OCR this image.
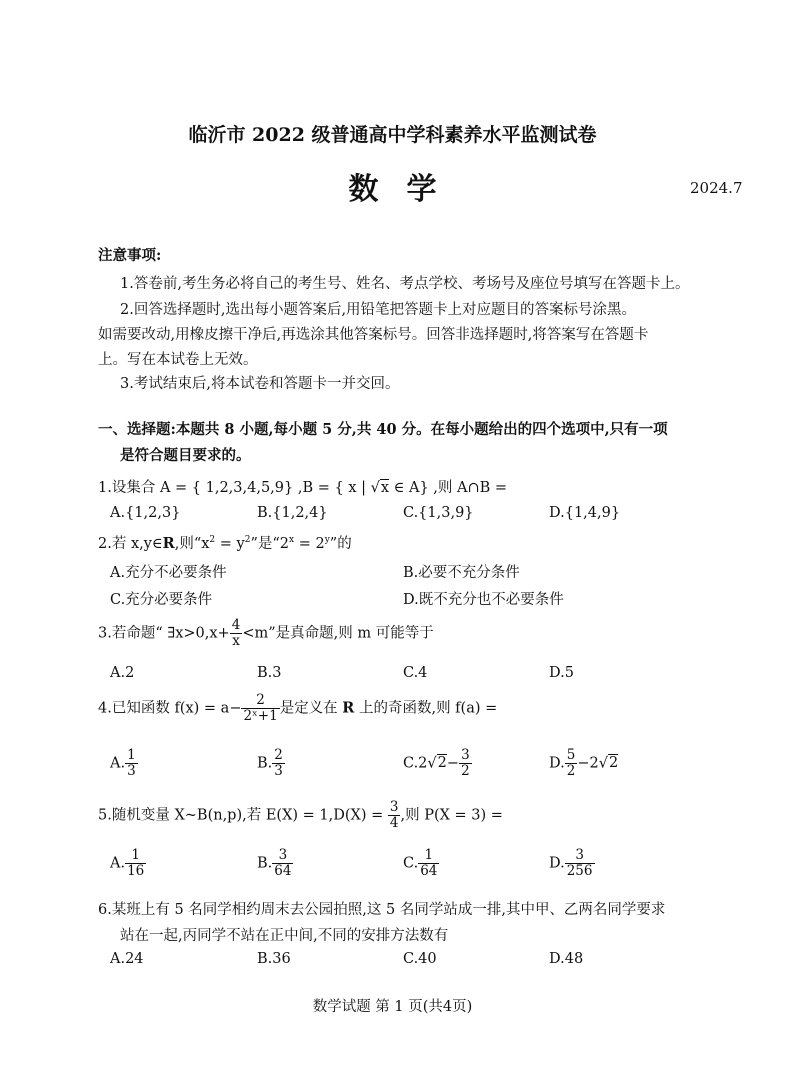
临沂市 2022 级普通高中学科素养水平监测试卷
数学	2024.7
注意事项:
1.答卷前,考生务必将自己的考生号、姓名、考点学校、考场号及座位号填写在答题卡上。
2.回答选择题时,选出每小题答案后,用铅笔把答题卡上对应题目的答案标号涂黑。
如需要改动,用橡皮擦干净后,再选涂其他答案标号。回答非选择题时,将答案写在答题卡
上。写在本试卷上无效。
3.考试结束后,将本试卷和答题卡一并交回。
一、选择题:本题共 8 小题,每小题 5 分,共 40 分。在每小题给出的四个选项中,只有一项
是符合题目要求的。
1.设集合 A = { 1,2,3,4,5,9} ,B = { x | √x ∈ A} ,则 A∩B =
A.{1,2,3}	B.{1,2,4}	C.{1,3,9}	D.{1,4,9}
2.若 x,y∈R,则“$x^2 = y^2$”是“$2^x = 2^y$”的
A.充分不必要条件	B.必要不充分条件
C.充分必要条件	D.既不充分也不必要条件
3.若命题“ ∃x>0,x+ $\frac{4}{x} <m$”是真命题,则 m 可能等于
A.2	B.3	C.4	D.5
4.已知函数 $f(x) = a- \frac{2}{\text{2ˣ+1}}$ 是定义在 R 上的奇函数,则 f(a) =
A. $\frac{1}{3}$	B. $\frac{2}{3}$	$C.2√2- \frac{3}{2}$	D. $\frac{5}{2} -2√2$
5.随机变量 X~B(n,p),若 $E(X) = 1,D(X) = \frac{3}{4}$ ,则 P(X = 3) =
A. $\frac{1}{16}$	B. $\frac{3}{64}$	C. $\frac{1}{64}$	D. $\frac{3}{256}$
6.某班上有 5 名同学相约周末去公园拍照,这 5 名同学站成一排,其中甲、乙两名同学要求
站在一起,丙同学不站在正中间,不同的安排方法数有
A.24	B.36	C.40	D.48
数学试题 第 1 页(共4页)
